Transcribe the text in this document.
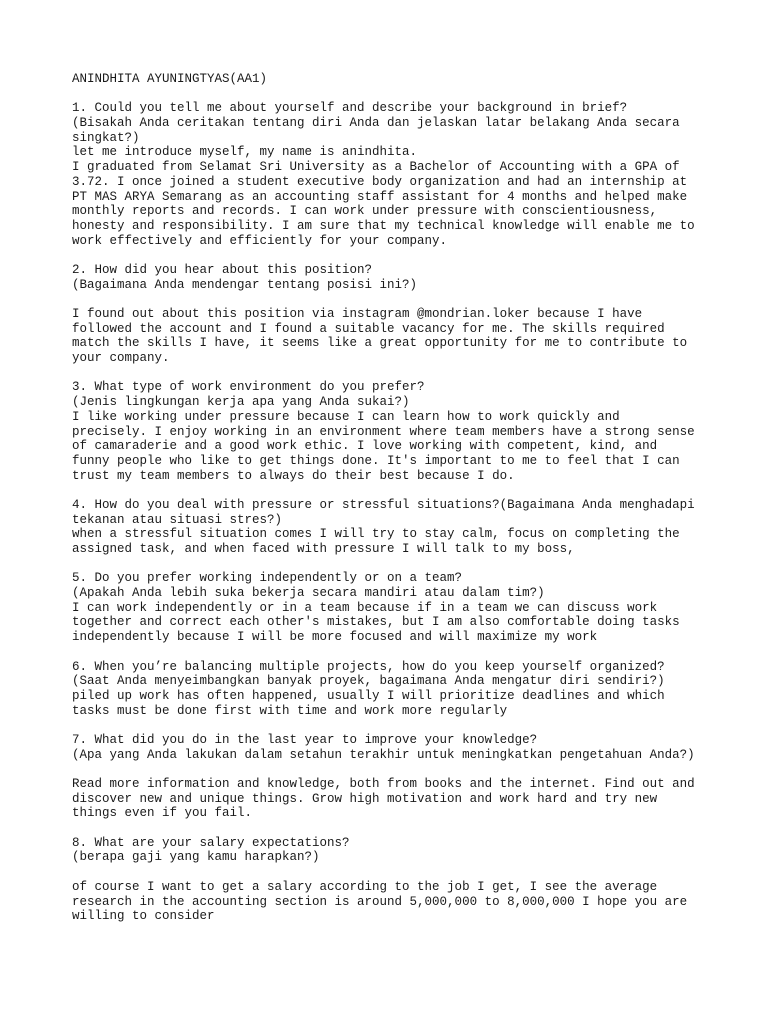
ANINDHITA AYUNINGTYAS(AA1)
1. Could you tell me about yourself and describe your background in brief?
(Bisakah Anda ceritakan tentang diri Anda dan jelaskan latar belakang Anda secara
singkat?)
let me introduce myself, my name is anindhita.
I graduated from Selamat Sri University as a Bachelor of Accounting with a GPA of
3.72. I once joined a student executive body organization and had an internship at
PT MAS ARYA Semarang as an accounting staff assistant for 4 months and helped make
monthly reports and records. I can work under pressure with conscientiousness,
honesty and responsibility. I am sure that my technical knowledge will enable me to
work effectively and efficiently for your company.
2. How did you hear about this position?
(Bagaimana Anda mendengar tentang posisi ini?)
I found out about this position via instagram @mondrian.loker because I have
followed the account and I found a suitable vacancy for me. The skills required
match the skills I have, it seems like a great opportunity for me to contribute to
your company.
3. What type of work environment do you prefer?
(Jenis lingkungan kerja apa yang Anda sukai?)
I like working under pressure because I can learn how to work quickly and
precisely. I enjoy working in an environment where team members have a strong sense
of camaraderie and a good work ethic. I love working with competent, kind, and
funny people who like to get things done. It's important to me to feel that I can
trust my team members to always do their best because I do.
4. How do you deal with pressure or stressful situations?(Bagaimana Anda menghadapi
tekanan atau situasi stres?)
when a stressful situation comes I will try to stay calm, focus on completing the
assigned task, and when faced with pressure I will talk to my boss,
5. Do you prefer working independently or on a team?
(Apakah Anda lebih suka bekerja secara mandiri atau dalam tim?)
I can work independently or in a team because if in a team we can discuss work
together and correct each other's mistakes, but I am also comfortable doing tasks
independently because I will be more focused and will maximize my work
6. When you’re balancing multiple projects, how do you keep yourself organized?
(Saat Anda menyeimbangkan banyak proyek, bagaimana Anda mengatur diri sendiri?)
piled up work has often happened, usually I will prioritize deadlines and which
tasks must be done first with time and work more regularly
7. What did you do in the last year to improve your knowledge?
(Apa yang Anda lakukan dalam setahun terakhir untuk meningkatkan pengetahuan Anda?)
Read more information and knowledge, both from books and the internet. Find out and
discover new and unique things. Grow high motivation and work hard and try new
things even if you fail.
8. What are your salary expectations?
(berapa gaji yang kamu harapkan?)
of course I want to get a salary according to the job I get, I see the average
research in the accounting section is around 5,000,000 to 8,000,000 I hope you are
willing to consider
